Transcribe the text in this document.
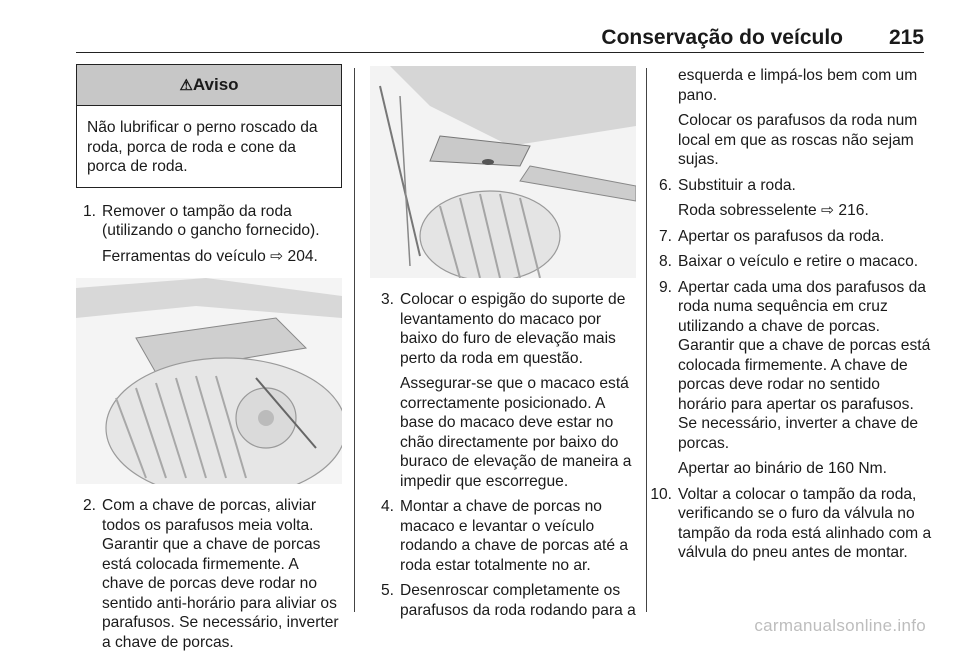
Conservação do veículo 215
⚠Aviso
Não lubrificar o perno roscado da roda, porca de roda e cone da porca de roda.
1. Remover o tampão da roda (utilizando o gancho fornecido).
Ferramentas do veículo ⇨ 204.
2. Com a chave de porcas, aliviar todos os parafusos meia volta. Garantir que a chave de porcas está colocada firmemente. A chave de porcas deve rodar no sentido anti-horário para aliviar os parafusos. Se necessário, inverter a chave de porcas.
3. Colocar o espigão do suporte de levantamento do macaco por baixo do furo de elevação mais perto da roda em questão.
Assegurar-se que o macaco está correctamente posicionado. A base do macaco deve estar no chão directamente por baixo do buraco de elevação de maneira a impedir que escorregue.
4. Montar a chave de porcas no macaco e levantar o veículo rodando a chave de porcas até a roda estar totalmente no ar.
5. Desenroscar completamente os parafusos da roda rodando para a
esquerda e limpá-los bem com um pano.
Colocar os parafusos da roda num local em que as roscas não sejam sujas.
6. Substituir a roda.
Roda sobresselente ⇨ 216.
7. Apertar os parafusos da roda.
8. Baixar o veículo e retire o macaco.
9. Apertar cada uma dos parafusos da roda numa sequência em cruz utilizando a chave de porcas. Garantir que a chave de porcas está colocada firmemente. A chave de porcas deve rodar no sentido horário para apertar os parafusos. Se necessário, inverter a chave de porcas.
Apertar ao binário de 160 Nm.
10. Voltar a colocar o tampão da roda, verificando se o furo da válvula no tampão da roda está alinhado com a válvula do pneu antes de montar.
carmanualsonline.info
